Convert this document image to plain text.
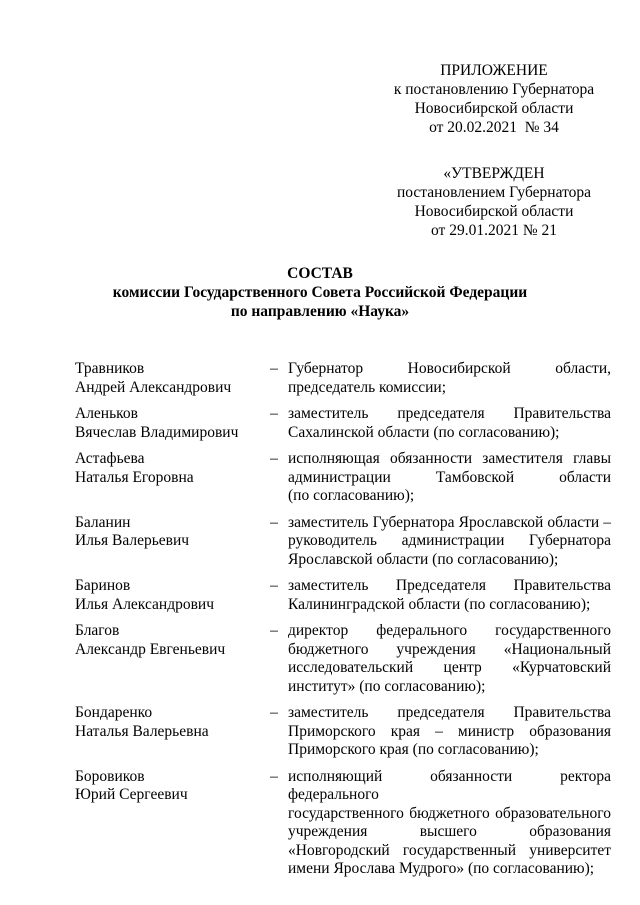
ПРИЛОЖЕНИЕ
к постановлению Губернатора
Новосибирской области
от 20.02.2021  № 34
«УТВЕРЖДЕН
постановлением Губернатора
Новосибирской области
от 29.01.2021 № 21
СОСТАВ
комиссии Государственного Совета Российской Федерации
по направлению «Наука»
Травников
Андрей Александрович
– Губернатор Новосибирской области,
председатель комиссии;
Аленьков
Вячеслав Владимирович
– заместитель председателя Правительства
Сахалинской области (по согласованию);
Астафьева
Наталья Егоровна
– исполняющая обязанности заместителя главы
администрации Тамбовской области
(по согласованию);
Баланин
Илья Валерьевич
– заместитель Губернатора Ярославской области –
руководитель администрации Губернатора
Ярославской области (по согласованию);
Баринов
Илья Александрович
– заместитель Председателя Правительства
Калининградской области (по согласованию);
Благов
Александр Евгеньевич
– директор федерального государственного
бюджетного учреждения «Национальный
исследовательский центр «Курчатовский
институт» (по согласованию);
Бондаренко
Наталья Валерьевна
– заместитель председателя Правительства
Приморского края – министр образования
Приморского края (по согласованию);
Боровиков
Юрий Сергеевич
– исполняющий обязанности ректора федерального
государственного бюджетного образовательного
учреждения высшего образования
«Новгородский государственный университет
имени Ярослава Мудрого» (по согласованию);
